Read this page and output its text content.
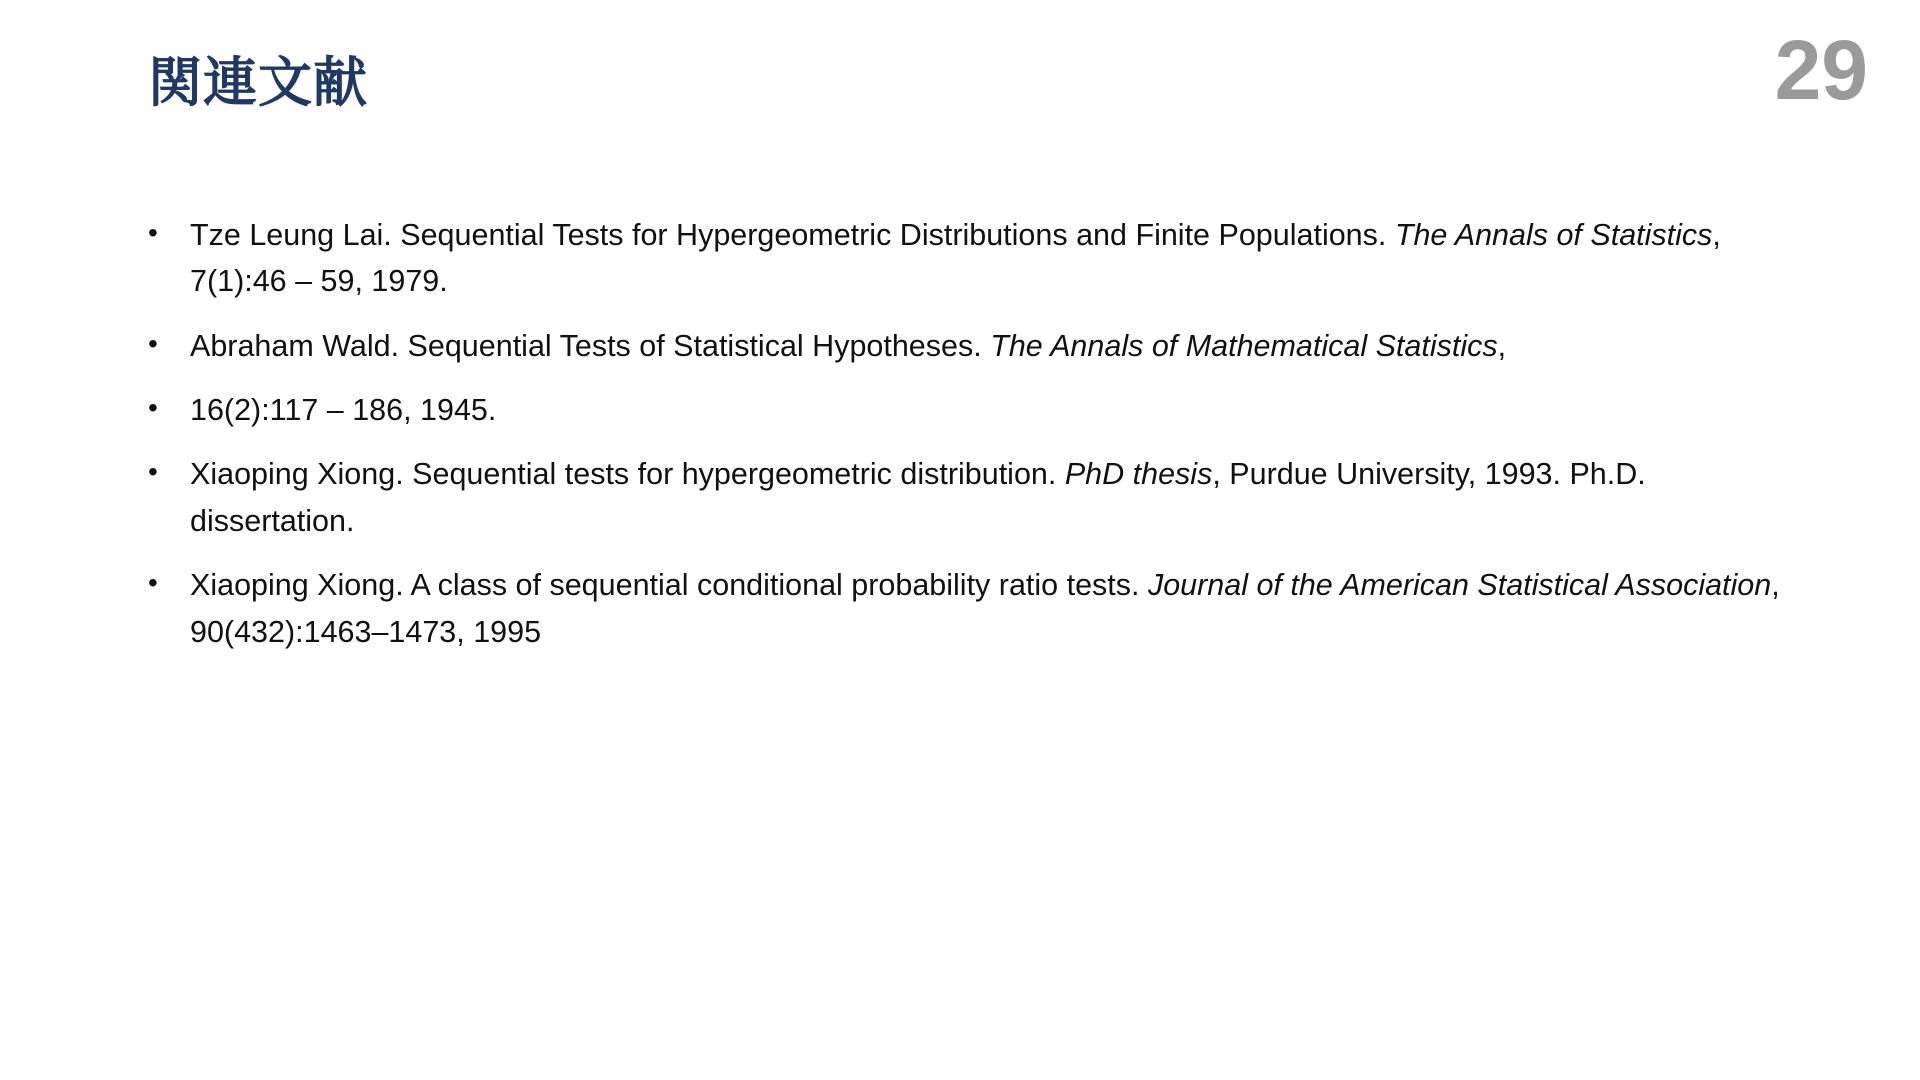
関連文献	29
• Tze Leung Lai. Sequential Tests for Hypergeometric Distributions and Finite Populations. The Annals of Statistics, 7(1):46 – 59, 1979.
• Abraham Wald. Sequential Tests of Statistical Hypotheses. The Annals of Mathematical Statistics,
• 16(2):117 – 186, 1945.
• Xiaoping Xiong. Sequential tests for hypergeometric distribution. PhD thesis, Purdue University, 1993. Ph.D. dissertation.
• Xiaoping Xiong. A class of sequential conditional probability ratio tests. Journal of the American Statistical Association, 90(432):1463–1473, 1995
